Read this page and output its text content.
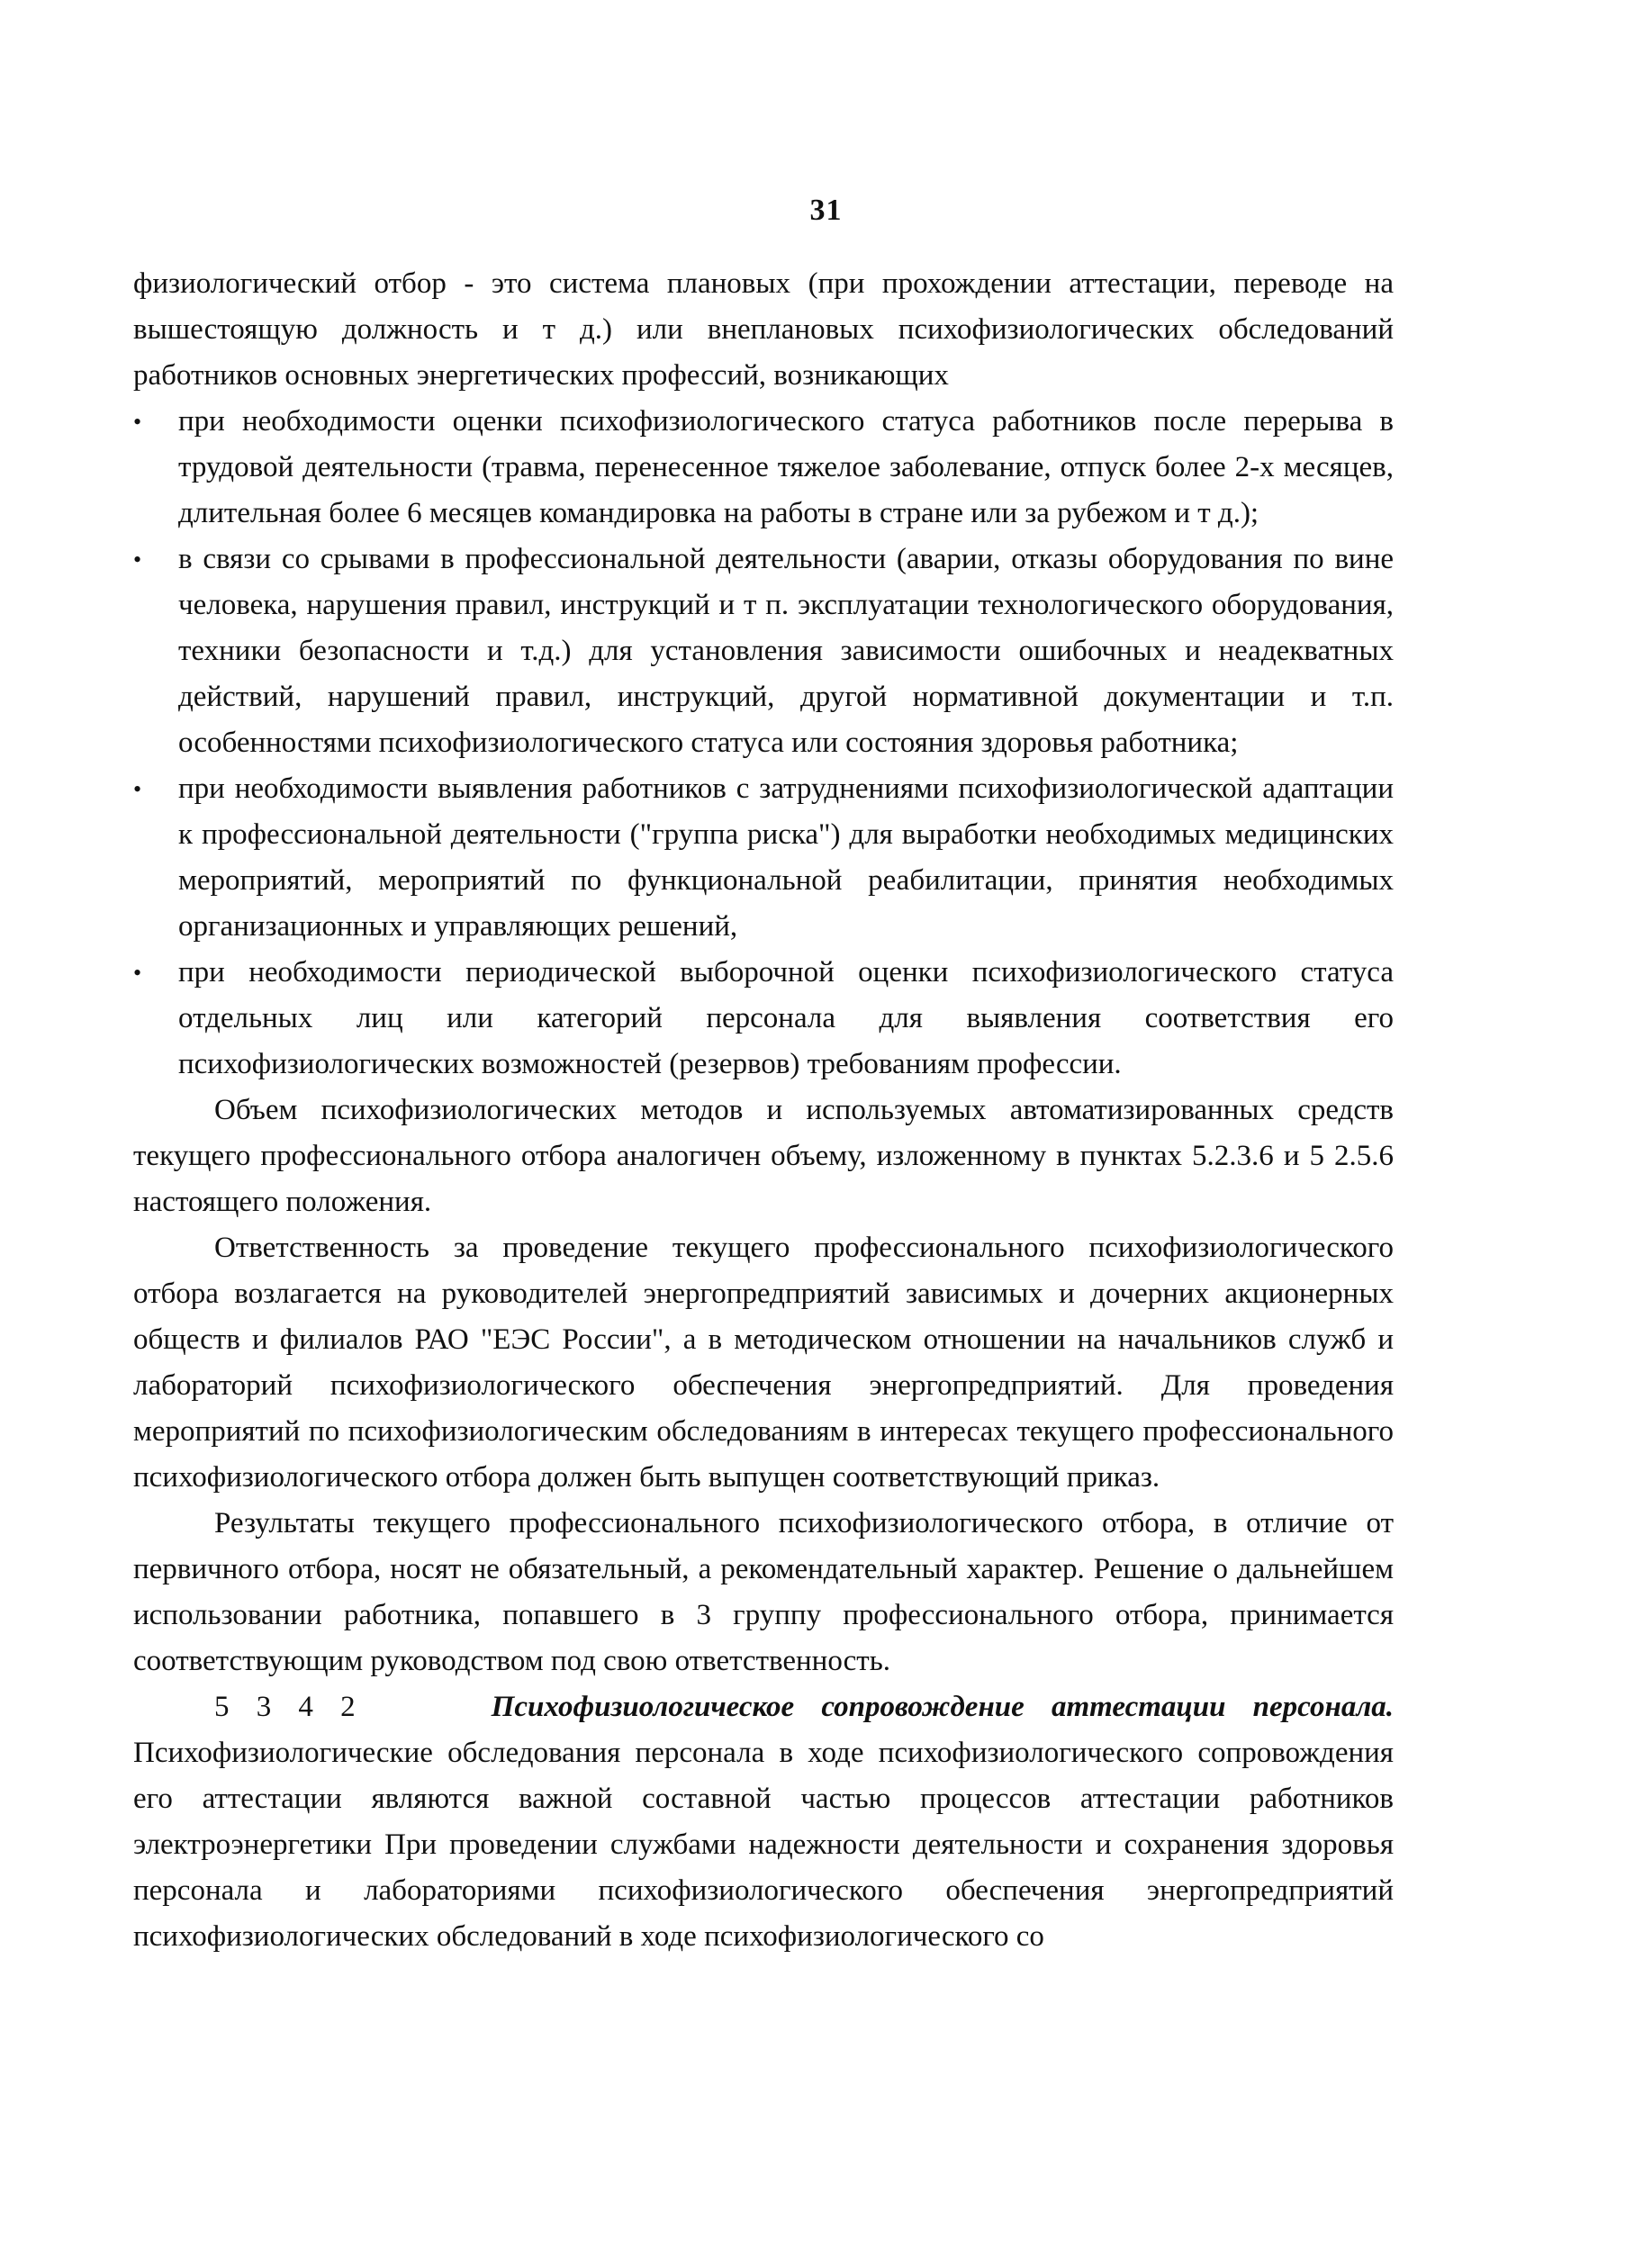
31

физиологический отбор - это система плановых (при прохождении аттестации, переводе на вышестоящую должность и т д.) или внеплановых психофизиологических обследований работников основных энергетических профессий, возникающих

•	при необходимости оценки психофизиологического статуса работников после перерыва в трудовой деятельности (травма, перенесенное тяжелое заболевание, отпуск более 2-х месяцев, длительная более 6 месяцев командировка на работы в стране или за рубежом и т д.);
•	в связи со срывами в профессиональной деятельности (аварии, отказы оборудования по вине человека, нарушения правил, инструкций и т п. эксплуатации технологического оборудования, техники безопасности и т.д.) для установления зависимости ошибочных и неадекватных действий, нарушений правил, инструкций, другой нормативной документации и т.п. особенностями психофизиологического статуса или состояния здоровья работника;
•	при необходимости выявления работников с затруднениями психофизиологической адаптации к профессиональной деятельности ("группа риска") для выработки необходимых медицинских мероприятий, мероприятий по функциональной реабилитации, принятия необходимых организационных и управляющих решений,
•	при необходимости периодической выборочной оценки психофизиологического статуса отдельных лиц или категорий персонала для выявления соответствия его психофизиологических возможностей (резервов) требованиям профессии.

Объем психофизиологических методов и используемых автоматизированных средств текущего профессионального отбора аналогичен объему, изложенному в пунктах 5.2.3.6 и 5 2.5.6 настоящего положения.

Ответственность за проведение текущего профессионального психофизиологического отбора возлагается на руководителей энергопредприятий зависимых и дочерних акционерных обществ и филиалов РАО "ЕЭС России", а в методическом отношении на начальников служб и лабораторий психофизиологического обеспечения энергопредприятий. Для проведения мероприятий по психофизиологическим обследованиям в интересах текущего профессионального психофизиологического отбора должен быть выпущен соответствующий приказ.

Результаты текущего профессионального психофизиологического отбора, в отличие от первичного отбора, носят не обязательный, а рекомендательный характер. Решение о дальнейшем использовании работника, попавшего в 3 группу профессионального отбора, принимается соответствующим руководством под свою ответственность.

5 3 4 2	Психофизиологическое сопровождение аттестации персонала. Психофизиологические обследования персонала в ходе психофизиологического сопровождения его аттестации являются важной составной частью процессов аттестации работников электроэнергетики При проведении службами надежности деятельности и сохранения здоровья персонала и лабораториями психофизиологического обеспечения энергопредприятий психофизиологических обследований в ходе психофизиологического со
